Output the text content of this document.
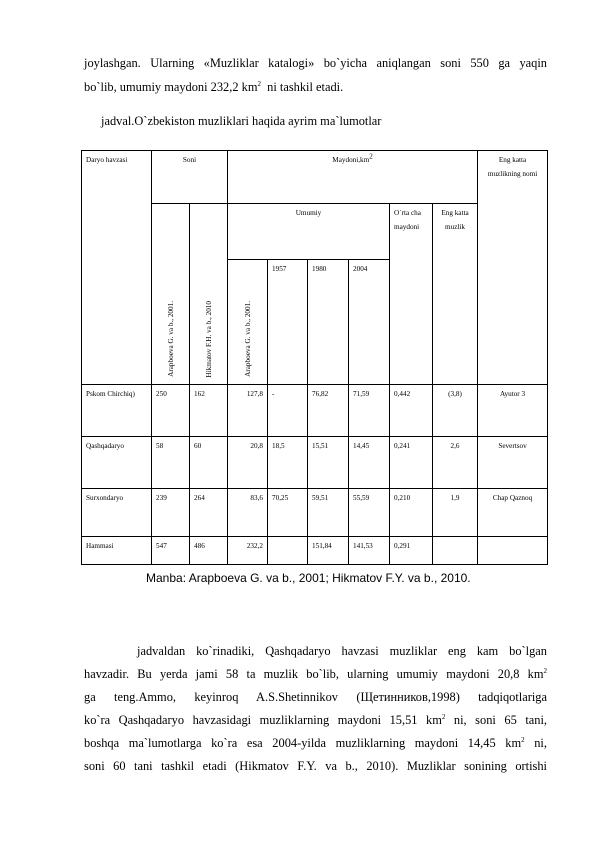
joylashgan. Ularning «Muzliklar katalogi» bo`yicha aniqlangan soni 550 ga yaqin

bo`lib, umumiy maydoni 232,2 $km^2$  ni tashkil etadi.

jadval.O`zbekiston muzliklari haqida ayrim ma`lumotlar

Daryo havzasi	Soni		$Maydoni,km^2$						Eng katta muzlikning nomi
	Arapboeva G. va b., 2001.	Hikmatov F.H. va b., 2010	Umumiy				O`rta cha maydoni	Eng katta muzlik	
			Arapboeva G. va b., 2001.	1957	1980	2004			
Pskom Chirchiq)	250	162	127,8	-	76,82	71,59	0,442	(3,8)	Ayutor 3
Qashqadaryo	58	60	20,8	18,5	15,51	14,45	0,241	2,6	Severtsov
Surxondaryo	239	264	83,6	70,25	59,51	55,59	0,210	1,9	Chap Qaznoq
Hammasi	547	486	232,2		151,84	141,53	0,291		

Manba: Arapboeva G. va b., 2001; Hikmatov F.Y. va b., 2010.

jadvaldan ko`rinadiki, Qashqadaryo havzasi muzliklar eng kam bo`lgan

havzadir. Bu yerda jami 58 ta muzlik bo`lib, ularning umumiy maydoni 20,8 $km^2$

ga teng.Ammo, keyinroq A.S.Shetinnikov (Щетинников,1998) tadqiqotlariga

ko`ra Qashqadaryo havzasidagi muzliklarning maydoni 15,51 $km^2$ ni, soni 65 tani,

boshqa ma`lumotlarga ko`ra esa 2004-yilda muzliklarning maydoni 14,45 $km^2$ ni,

soni 60 tani tashkil etadi (Hikmatov F.Y. va b., 2010). Muzliklar sonining ortishi
